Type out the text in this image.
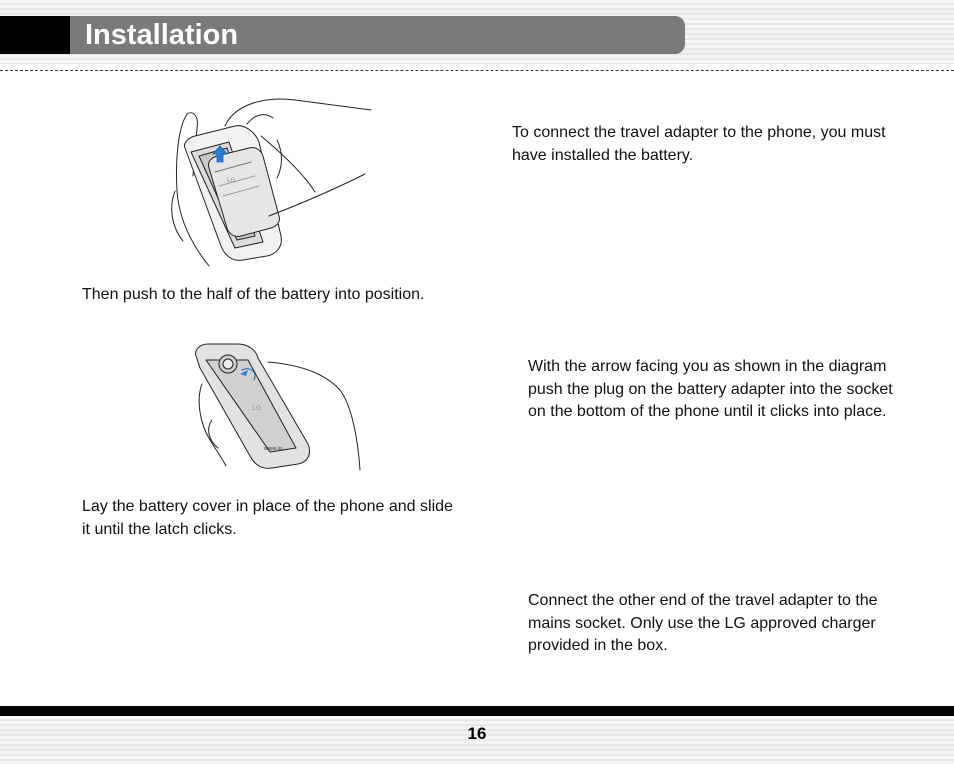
Installation
LG
Then push to the half of the battery into position.
LG
www.lg
Lay the battery cover in place of the phone and slide
it until the latch clicks.
To connect the travel adapter to the phone, you must
have installed the battery.
With the arrow facing you as shown in the diagram
push the plug on the battery adapter into the socket
on the bottom of the phone until it clicks into place.
Connect the other end of the travel adapter to the
mains socket. Only use the LG approved charger
provided in the box.
16
